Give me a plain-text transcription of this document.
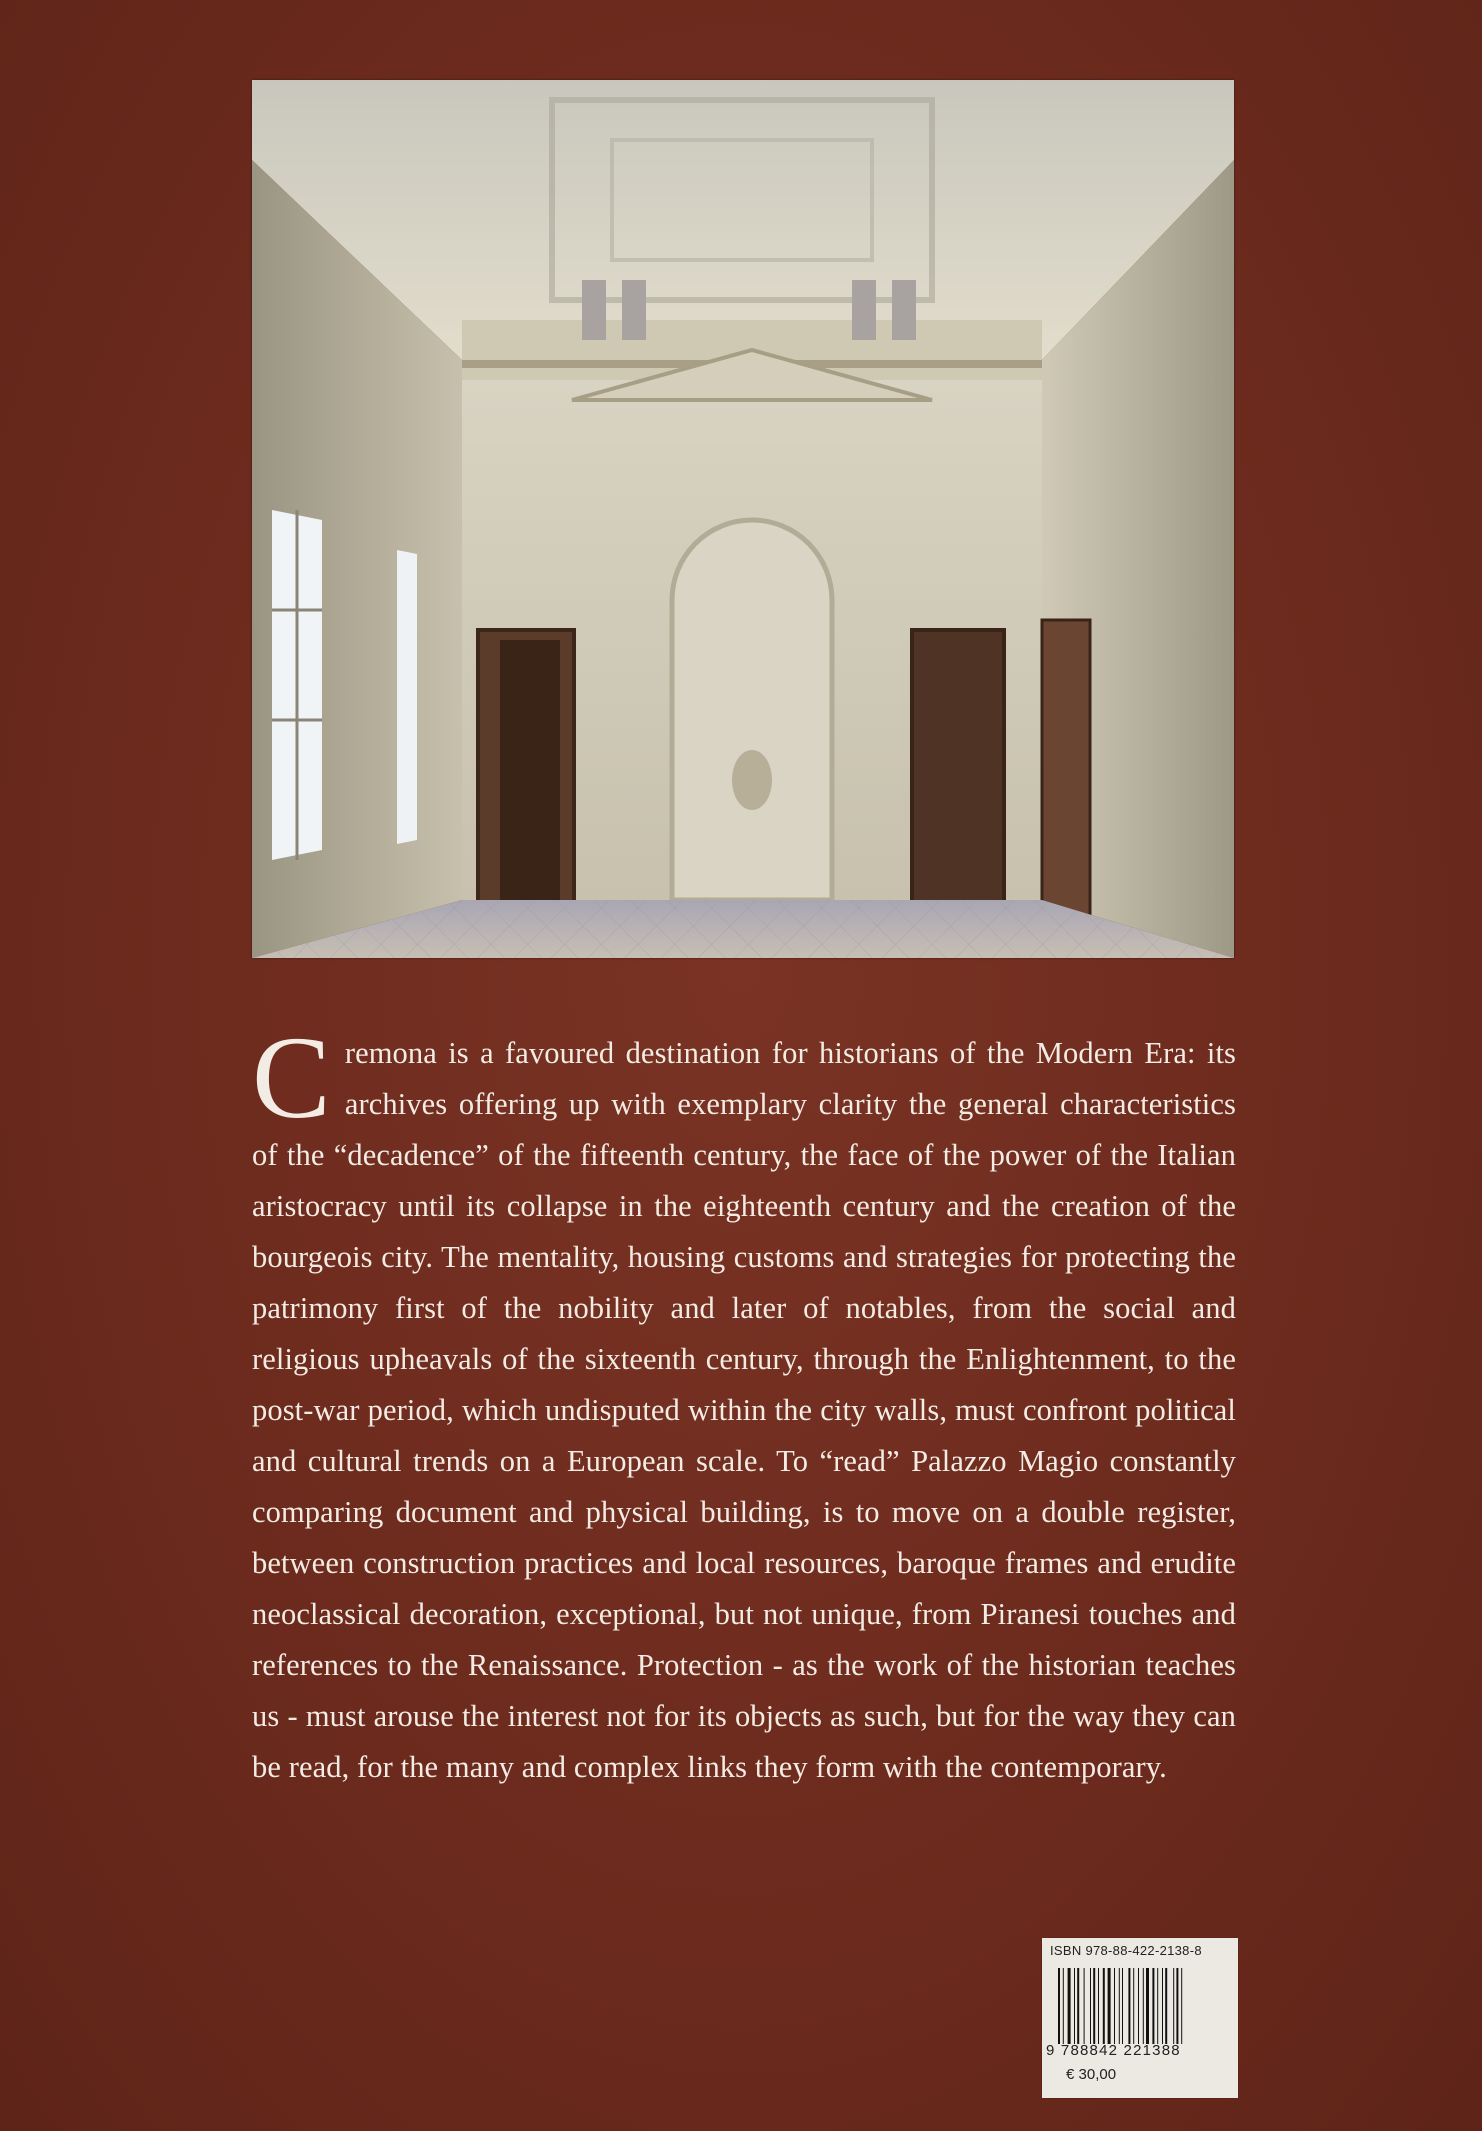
Cremona is a favoured destination for historians of the Modern Era: its archives offering up with exemplary clarity the general characteristics of the “decadence” of the fifteenth century, the face of the power of the Italian aristocracy until its collapse in the eighteenth century and the creation of the bourgeois city. The mentality, housing customs and strategies for protecting the patrimony first of the nobility and later of notables, from the social and religious upheavals of the sixteenth century, through the Enlightenment, to the post-war period, which undisputed within the city walls, must confront political and cultural trends on a European scale. To “read” Palazzo Magio constantly comparing document and physical building, is to move on a double register, between construction practices and local resources, baroque frames and erudite neoclassical decoration, exceptional, but not unique, from Piranesi touches and references to the Renaissance. Protection - as the work of the historian teaches us - must arouse the interest not for its objects as such, but for the way they can be read, for the many and complex links they form with the contemporary.
ISBN 978-88-422-2138-8
9 788842 221388
€ 30,00
